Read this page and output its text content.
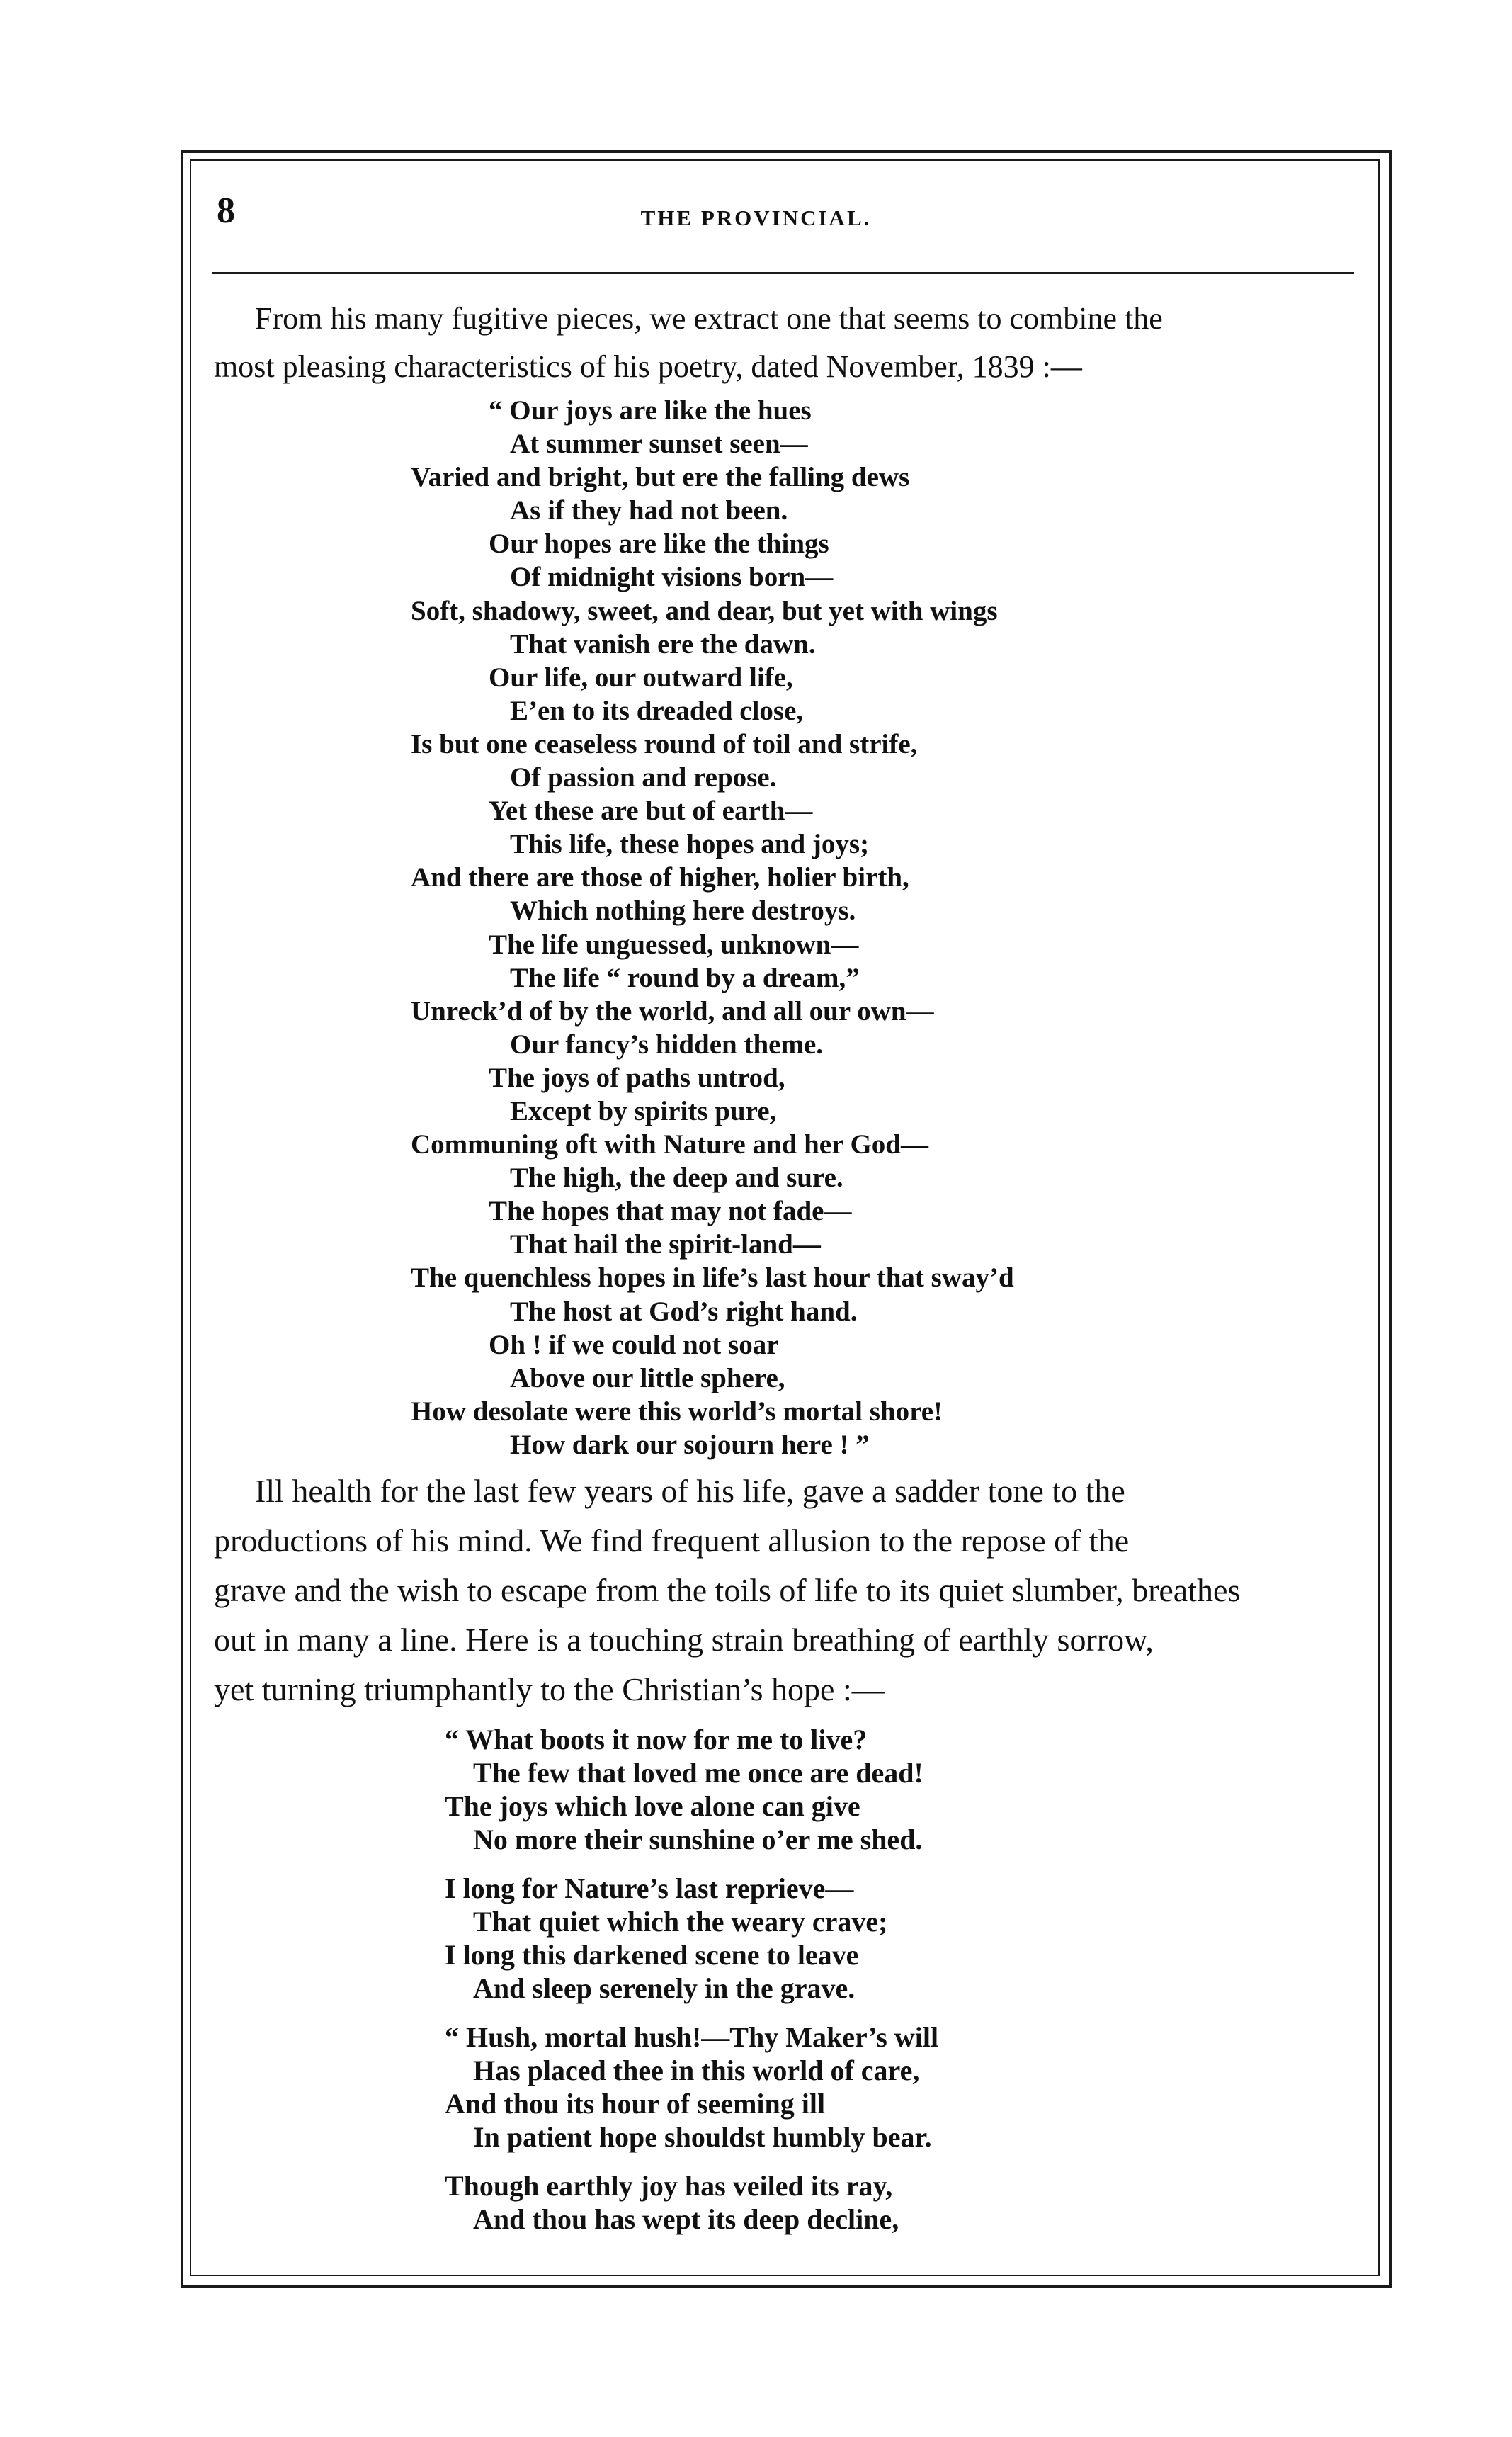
8	THE PROVINCIAL.
From his many fugitive pieces, we extract one that seems to combine the
most pleasing characteristics of his poetry, dated November, 1839 :—
“ Our joys are like the hues
At summer sunset seen—
Varied and bright, but ere the falling dews
As if they had not been.
Our hopes are like the things
Of midnight visions born—
Soft, shadowy, sweet, and dear, but yet with wings
That vanish ere the dawn.
Our life, our outward life,
E’en to its dreaded close,
Is but one ceaseless round of toil and strife,
Of passion and repose.
Yet these are but of earth—
This life, these hopes and joys;
And there are those of higher, holier birth,
Which nothing here destroys.
The life unguessed, unknown—
The life “ round by a dream,”
Unreck’d of by the world, and all our own—
Our fancy’s hidden theme.
The joys of paths untrod,
Except by spirits pure,
Communing oft with Nature and her God—
The high, the deep and sure.
The hopes that may not fade—
That hail the spirit-land—
The quenchless hopes in life’s last hour that sway’d
The host at God’s right hand.
Oh ! if we could not soar
Above our little sphere,
How desolate were this world’s mortal shore!
How dark our sojourn here ! ”
Ill health for the last few years of his life, gave a sadder tone to the
productions of his mind. We find frequent allusion to the repose of the
grave and the wish to escape from the toils of life to its quiet slumber, breathes
out in many a line. Here is a touching strain breathing of earthly sorrow,
yet turning triumphantly to the Christian’s hope :—
“ What boots it now for me to live?
The few that loved me once are dead!
The joys which love alone can give
No more their sunshine o’er me shed.
I long for Nature’s last reprieve—
That quiet which the weary crave;
I long this darkened scene to leave
And sleep serenely in the grave.
“ Hush, mortal hush!—Thy Maker’s will
Has placed thee in this world of care,
And thou its hour of seeming ill
In patient hope shouldst humbly bear.
Though earthly joy has veiled its ray,
And thou has wept its deep decline,
